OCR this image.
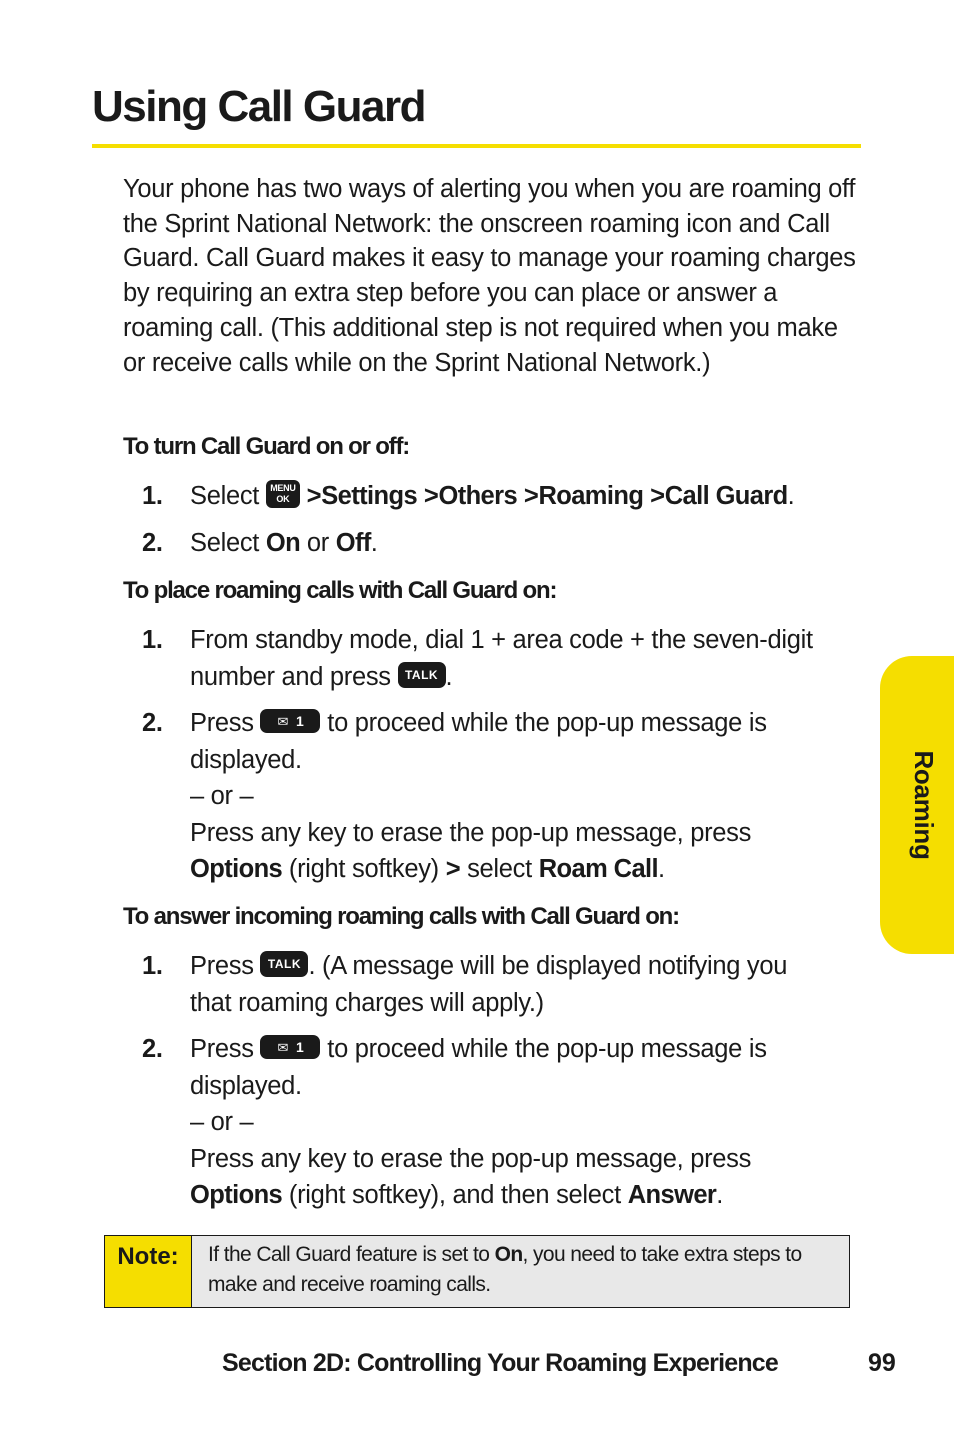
Using Call Guard

Your phone has two ways of alerting you when you are roaming off the Sprint National Network: the onscreen roaming icon and Call Guard. Call Guard makes it easy to manage your roaming charges by requiring an extra step before you can place or answer a roaming call. (This additional step is not required when you make or receive calls while on the Sprint National Network.)

To turn Call Guard on or off:
1. Select MENU
OK >Settings >Others >Roaming >Call Guard.
2. Select On or Off.
To place roaming calls with Call Guard on:
1. From standby mode, dial 1 + area code + the seven-digit
number and press TALK .
2. Press ✉ 1 to proceed while the pop-up message is
displayed.
– or –
Press any key to erase the pop-up message, press
Options (right softkey) > select Roam Call.
To answer incoming roaming calls with Call Guard on:
1. Press TALK . (A message will be displayed notifying you
that roaming charges will apply.)
2. Press ✉ 1 to proceed while the pop-up message is
displayed.
– or –
Press any key to erase the pop-up message, press
Options (right softkey), and then select Answer.
Roaming
Note:	If the Call Guard feature is set to On, you need to take extra steps to make and receive roaming calls.
Section 2D: Controlling Your Roaming Experience	99
